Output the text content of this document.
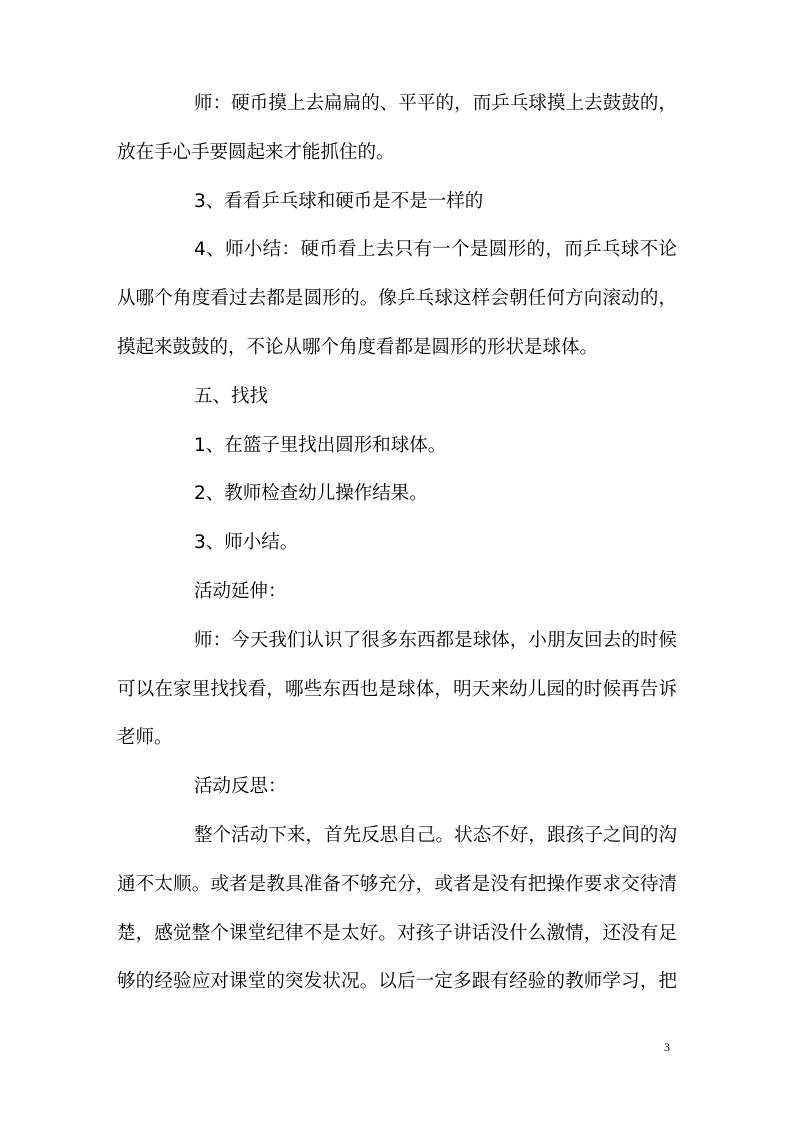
师：硬币摸上去扁扁的、平平的，而乒乓球摸上去鼓鼓的，
放在手心手要圆起来才能抓住的。
3、看看乒乓球和硬币是不是一样的
4、师小结：硬币看上去只有一个是圆形的，而乒乓球不论
从哪个角度看过去都是圆形的。像乒乓球这样会朝任何方向滚动的，
摸起来鼓鼓的，不论从哪个角度看都是圆形的形状是球体。
五、找找
1、在篮子里找出圆形和球体。
2、教师检查幼儿操作结果。
3、师小结。
活动延伸：
师：今天我们认识了很多东西都是球体，小朋友回去的时候
可以在家里找找看，哪些东西也是球体，明天来幼儿园的时候再告诉
老师。
活动反思：
整个活动下来，首先反思自己。状态不好，跟孩子之间的沟
通不太顺。或者是教具准备不够充分，或者是没有把操作要求交待清
楚，感觉整个课堂纪律不是太好。对孩子讲话没什么激情，还没有足
够的经验应对课堂的突发状况。以后一定多跟有经验的教师学习，把
3
